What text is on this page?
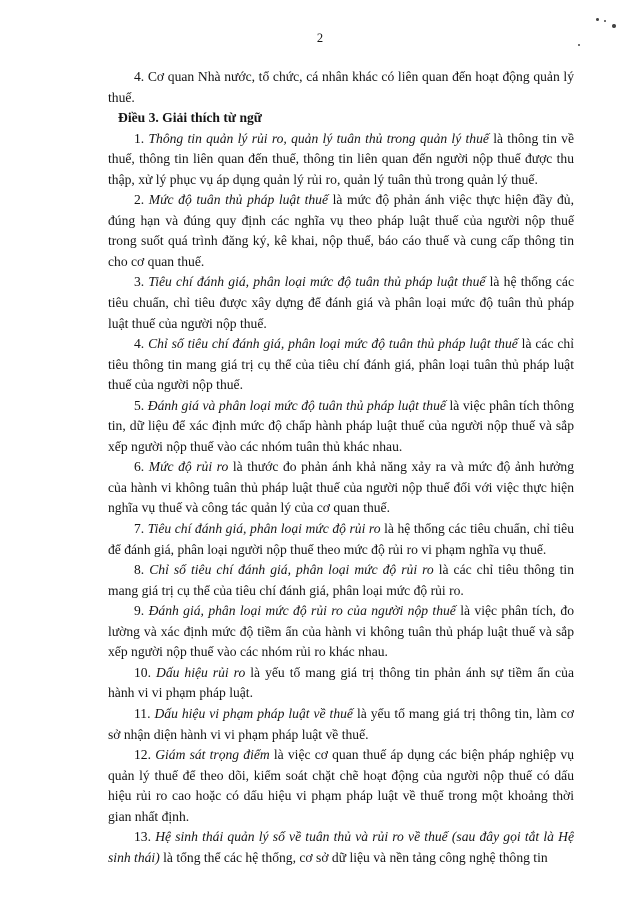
2

4. Cơ quan Nhà nước, tổ chức, cá nhân khác có liên quan đến hoạt động quản lý thuế.

Điều 3. Giải thích từ ngữ

1. Thông tin quản lý rủi ro, quản lý tuân thủ trong quản lý thuế là thông tin về thuế, thông tin liên quan đến thuế, thông tin liên quan đến người nộp thuế được thu thập, xử lý phục vụ áp dụng quản lý rủi ro, quản lý tuân thủ trong quản lý thuế.

2. Mức độ tuân thủ pháp luật thuế là mức độ phản ánh việc thực hiện đầy đủ, đúng hạn và đúng quy định các nghĩa vụ theo pháp luật thuế của người nộp thuế trong suốt quá trình đăng ký, kê khai, nộp thuế, báo cáo thuế và cung cấp thông tin cho cơ quan thuế.

3. Tiêu chí đánh giá, phân loại mức độ tuân thủ pháp luật thuế là hệ thống các tiêu chuẩn, chỉ tiêu được xây dựng để đánh giá và phân loại mức độ tuân thủ pháp luật thuế của người nộp thuế.

4. Chỉ số tiêu chí đánh giá, phân loại mức độ tuân thủ pháp luật thuế là các chỉ tiêu thông tin mang giá trị cụ thể của tiêu chí đánh giá, phân loại tuân thủ pháp luật thuế của người nộp thuế.

5. Đánh giá và phân loại mức độ tuân thủ pháp luật thuế là việc phân tích thông tin, dữ liệu để xác định mức độ chấp hành pháp luật thuế của người nộp thuế và sắp xếp người nộp thuế vào các nhóm tuân thủ khác nhau.

6. Mức độ rủi ro là thước đo phản ánh khả năng xảy ra và mức độ ảnh hưởng của hành vi không tuân thủ pháp luật thuế của người nộp thuế đối với việc thực hiện nghĩa vụ thuế và công tác quản lý của cơ quan thuế.

7. Tiêu chí đánh giá, phân loại mức độ rủi ro là hệ thống các tiêu chuẩn, chỉ tiêu để đánh giá, phân loại người nộp thuế theo mức độ rủi ro vi phạm nghĩa vụ thuế.

8. Chỉ số tiêu chí đánh giá, phân loại mức độ rủi ro là các chỉ tiêu thông tin mang giá trị cụ thể của tiêu chí đánh giá, phân loại mức độ rủi ro.

9. Đánh giá, phân loại mức độ rủi ro của người nộp thuế là việc phân tích, đo lường và xác định mức độ tiềm ẩn của hành vi không tuân thủ pháp luật thuế và sắp xếp người nộp thuế vào các nhóm rủi ro khác nhau.

10. Dấu hiệu rủi ro là yếu tố mang giá trị thông tin phản ánh sự tiềm ẩn của hành vi vi phạm pháp luật.

11. Dấu hiệu vi phạm pháp luật về thuế là yếu tố mang giá trị thông tin, làm cơ sở nhận diện hành vi vi phạm pháp luật về thuế.

12. Giám sát trọng điểm là việc cơ quan thuế áp dụng các biện pháp nghiệp vụ quản lý thuế để theo dõi, kiểm soát chặt chẽ hoạt động của người nộp thuế có dấu hiệu rủi ro cao hoặc có dấu hiệu vi phạm pháp luật về thuế trong một khoảng thời gian nhất định.

13. Hệ sinh thái quản lý số về tuân thủ và rủi ro về thuế (sau đây gọi tắt là Hệ sinh thái) là tổng thể các hệ thống, cơ sở dữ liệu và nền tảng công nghệ thông tin
